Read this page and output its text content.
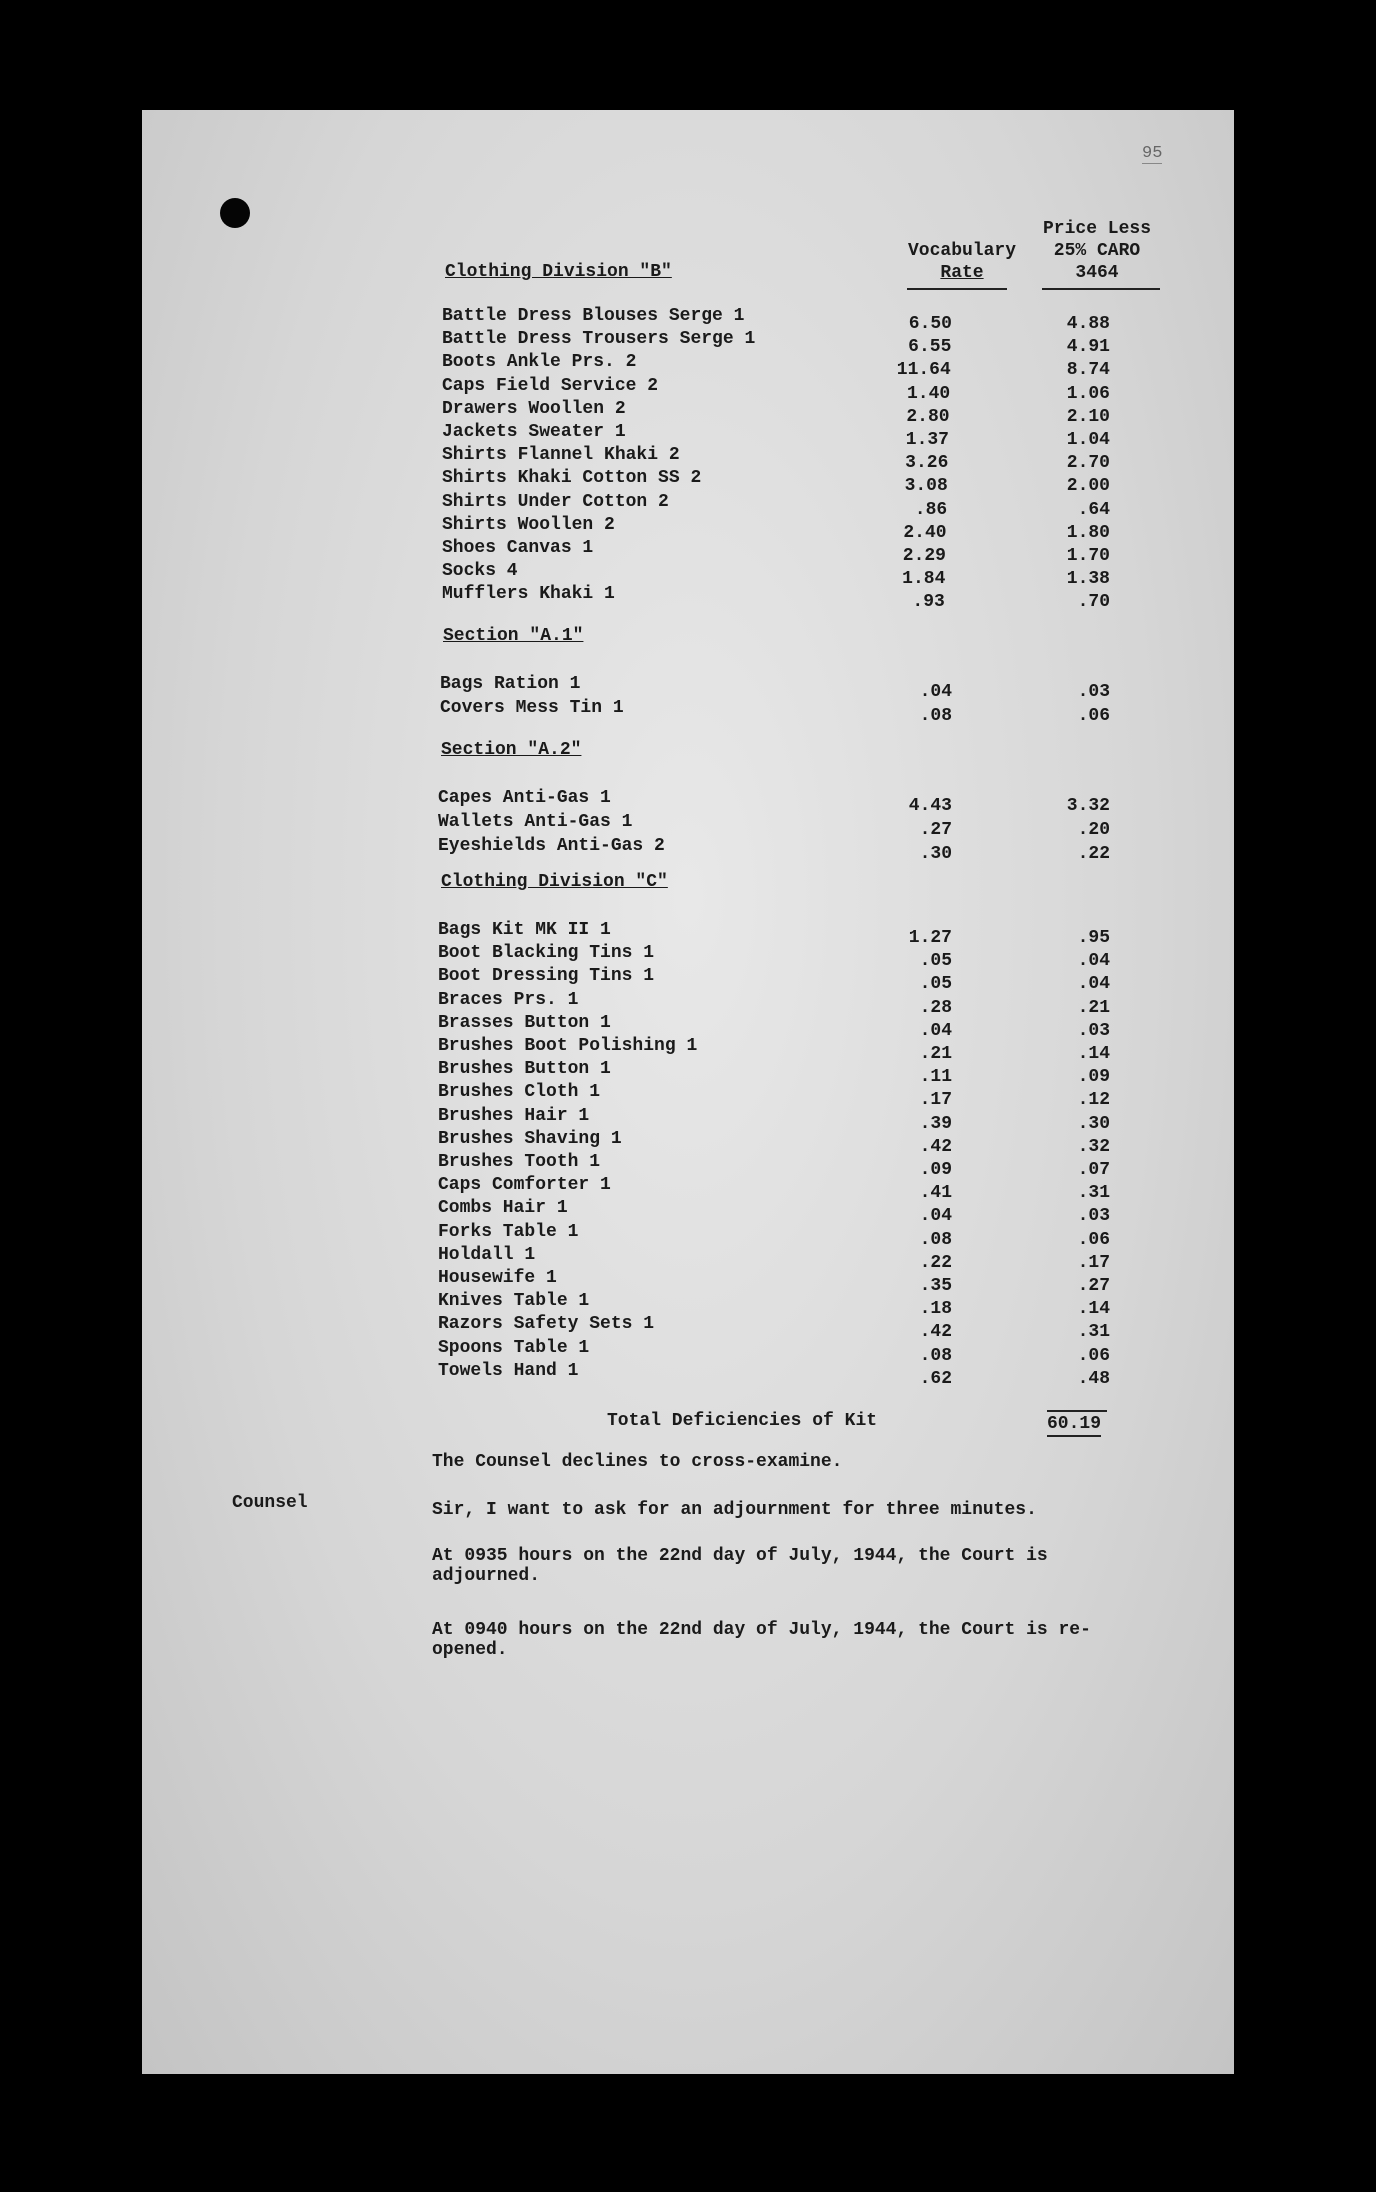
95
Vocabulary
Rate
Price Less
25% CARO
3464
Clothing Division "B"
Battle Dress Blouses Serge 1	6.50	4.88
Battle Dress Trousers Serge 1	6.55	4.91
Boots Ankle Prs. 2	11.64	8.74
Caps Field Service 2	1.40	1.06
Drawers Woollen 2	2.80	2.10
Jackets Sweater 1	1.37	1.04
Shirts Flannel Khaki 2	3.26	2.70
Shirts Khaki Cotton SS 2	3.08	2.00
Shirts Under Cotton 2	.86	.64
Shirts Woollen 2	2.40	1.80
Shoes Canvas 1	2.29	1.70
Socks 4	1.84	1.38
Mufflers Khaki 1	.93	.70
Section "A.1"
Bags Ration 1	.04	.03
Covers Mess Tin 1	.08	.06
Section "A.2"
Capes Anti-Gas 1	4.43	3.32
Wallets Anti-Gas 1	.27	.20
Eyeshields Anti-Gas 2	.30	.22
Clothing Division "C"
Bags Kit MK II 1	1.27	.95
Boot Blacking Tins 1	.05	.04
Boot Dressing Tins 1	.05	.04
Braces Prs. 1	.28	.21
Brasses Button 1	.04	.03
Brushes Boot Polishing 1	.21	.14
Brushes Button 1	.11	.09
Brushes Cloth 1	.17	.12
Brushes Hair 1	.39	.30
Brushes Shaving 1	.42	.32
Brushes Tooth 1	.09	.07
Caps Comforter 1	.41	.31
Combs Hair 1	.04	.03
Forks Table 1	.08	.06
Holdall 1	.22	.17
Housewife 1	.35	.27
Knives Table 1	.18	.14
Razors Safety Sets 1	.42	.31
Spoons Table 1	.08	.06
Towels Hand 1	.62	.48
Total Deficiencies of Kit	60.19
The Counsel declines to cross-examine.
Counsel	Sir, I want to ask for an adjournment for three minutes.
At 0935 hours on the 22nd day of July, 1944, the Court is adjourned.
At 0940 hours on the 22nd day of July, 1944, the Court is re-opened.
